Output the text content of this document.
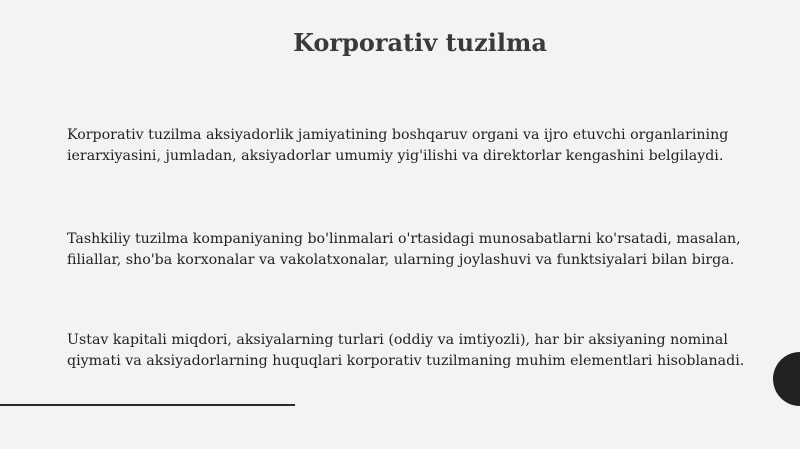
Korporativ tuzilma

Korporativ tuzilma aksiyadorlik jamiyatining boshqaruv organi va ijro etuvchi organlarining ierarxiyasini, jumladan, aksiyadorlar umumiy yig'ilishi va direktorlar kengashini belgilaydi.

Tashkiliy tuzilma kompaniyaning bo'linmalari o'rtasidagi munosabatlarni ko'rsatadi, masalan, filiallar, sho'ba korxonalar va vakolatxonalar, ularning joylashuvi va funktsiyalari bilan birga.

Ustav kapitali miqdori, aksiyalarning turlari (oddiy va imtiyozli), har bir aksiyaning nominal qiymati va aksiyadorlarning huquqlari korporativ tuzilmaning muhim elementlari hisoblanadi.
